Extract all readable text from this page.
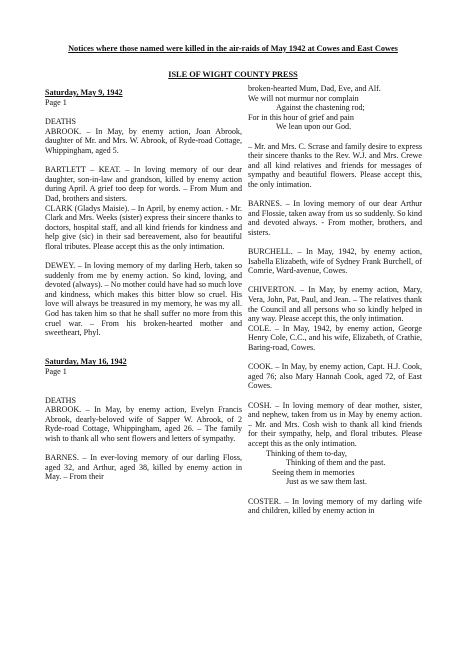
Notices where those named were killed in the air-raids of May 1942 at Cowes and East Cowes
ISLE OF WIGHT COUNTY PRESS
Saturday, May 9, 1942
Page 1
DEATHS

ABROOK. – In May, by enemy action, Joan Abrook, daughter of Mr. and Mrs. W. Abrook, of Ryde-road Cottage, Whippingham, aged 5.

BARTLETT – KEAT. – In loving memory of our dear daughter, son-in-law and grandson, killed by enemy action during April. A grief too deep for words. – From Mum and Dad, brothers and sisters.

CLARK (Gladys Maisie). – In April, by enemy action. - Mr. Clark and Mrs. Weeks (sister) express their sincere thanks to doctors, hospital staff, and all kind friends for kindness and help give (sic) in their sad bereavement, also for beautiful floral tributes. Please accept this as the only intimation.

DEWEY. – In loving memory of my darling Herb, taken so suddenly from me by enemy action. So kind, loving, and devoted (always). – No mother could have had so much love and kindness, which makes this bitter blow so cruel. His love will always be treasured in my memory, he was my all. God has taken him so that he shall suffer no more from this cruel war. – From his broken-hearted mother and sweetheart, Phyl.

Saturday, May 16, 1942
Page 1
DEATHS

ABROOK. – In May, by enemy action, Evelyn Francis Abrook, dearly-beloved wife of Sapper W. Abrook, of 2 Ryde-road Cottage, Whippingham, aged 26. – The family wish to thank all who sent flowers and letters of sympathy.

BARNES. – In ever-loving memory of our darling Floss, aged 32, and Arthur, aged 38, killed by enemy action in May. – From their

broken-hearted Mum, Dad, Eve, and Alf.
We will not murmur nor complain
Against the chastening rod;
For in this hour of grief and pain
We lean upon our God.

– Mr. and Mrs. C. Scrase and family desire to express their sincere thanks to the Rev. W.J. and Mrs. Crewe and all kind relatives and friends for messages of sympathy and beautiful flowers. Please accept this, the only intimation.

BARNES. – In loving memory of our dear Arthur and Flossie, taken away from us so suddenly. So kind and devoted always. - From mother, brothers, and sisters.

BURCHELL. – In May, 1942, by enemy action, Isabella Elizabeth, wife of Sydney Frank Burchell, of Comrie, Ward-avenue, Cowes.

CHIVERTON. – In May, by enemy action, Mary, Vera, John, Pat, Paul, and Jean. – The relatives thank the Council and all persons who so kindly helped in any way. Please accept this, the only intimation.

COLE. – In May, 1942, by enemy action, George Henry Cole, C.C., and his wife, Elizabeth, of Crathie, Baring-road, Cowes.

COOK. – In May, by enemy action, Capt. H.J. Cook, aged 76; also Mary Hannah Cook, aged 72, of East Cowes.

COSH. – In loving memory of dear mother, sister, and nephew, taken from us in May by enemy action. – Mr. and Mrs. Cosh wish to thank all kind friends for their sympathy, help, and floral tributes. Please accept this as the only intimation.

Thinking of them to-day,
Thinking of them and the past.
Seeing them in memories
Just as we saw them last.

COSTER. – In loving memory of my darling wife and children, killed by enemy action in
